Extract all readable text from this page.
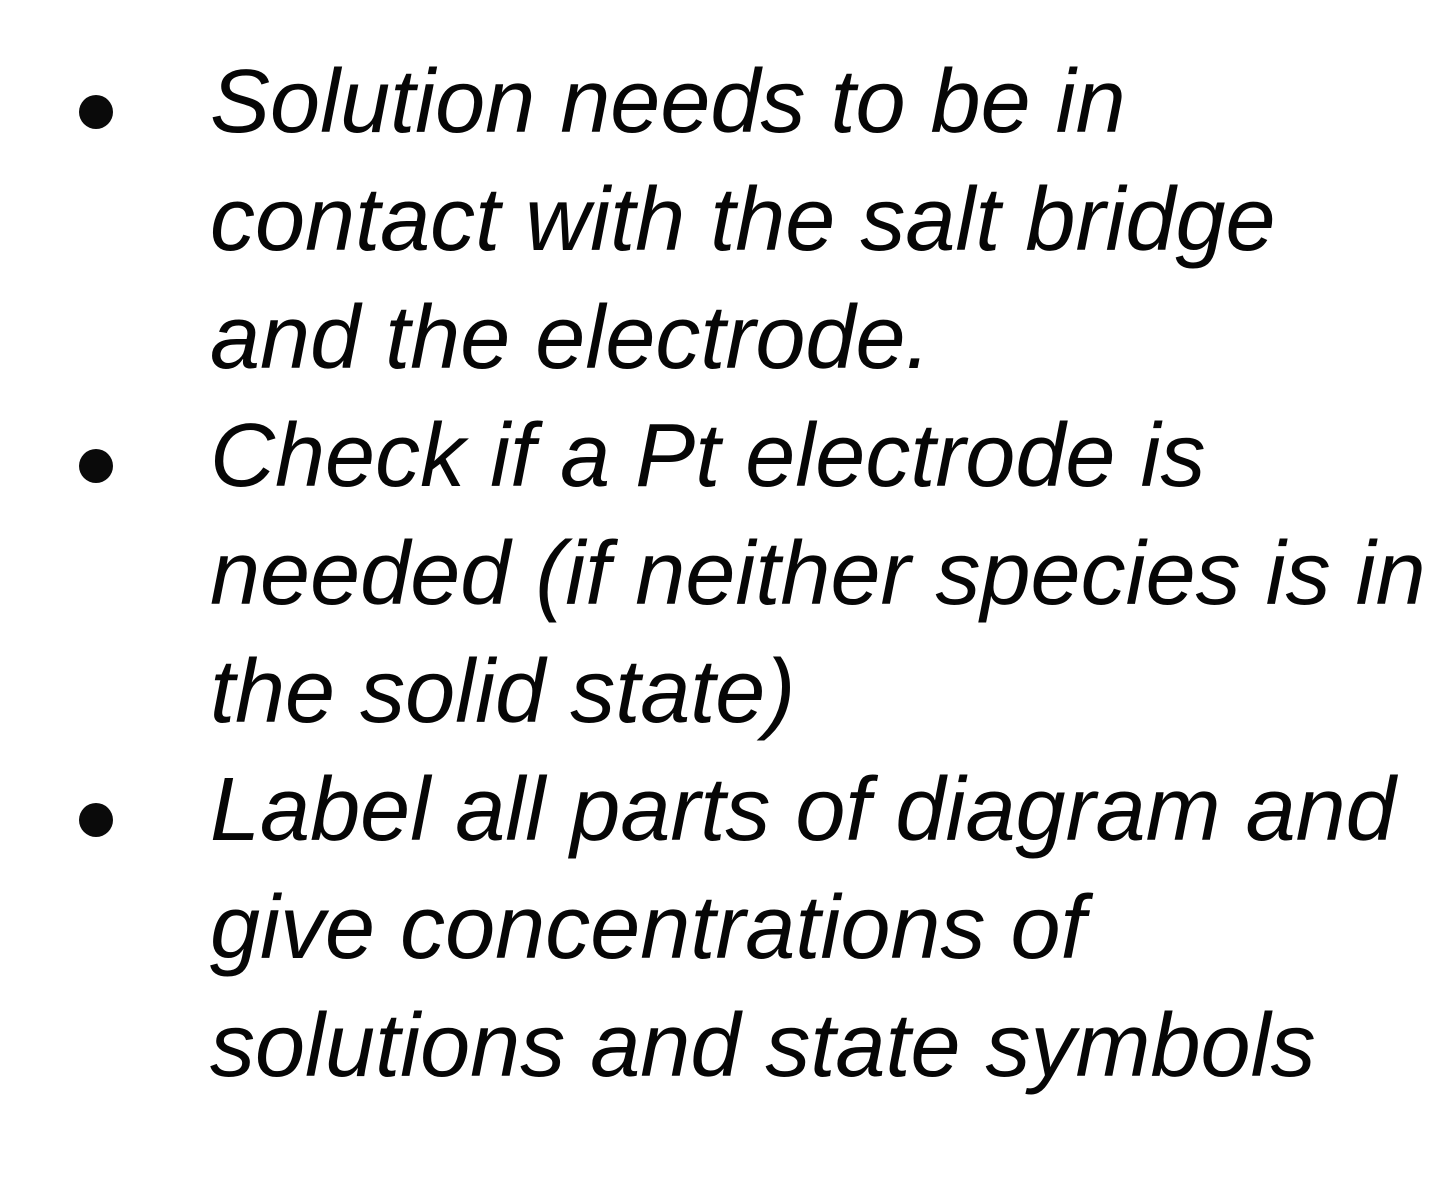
Solution needs to be in
contact with the salt bridge
and the electrode.
Check if a Pt electrode is
needed (if neither species is in
the solid state)
Label all parts of diagram and
give concentrations of
solutions and state symbols
